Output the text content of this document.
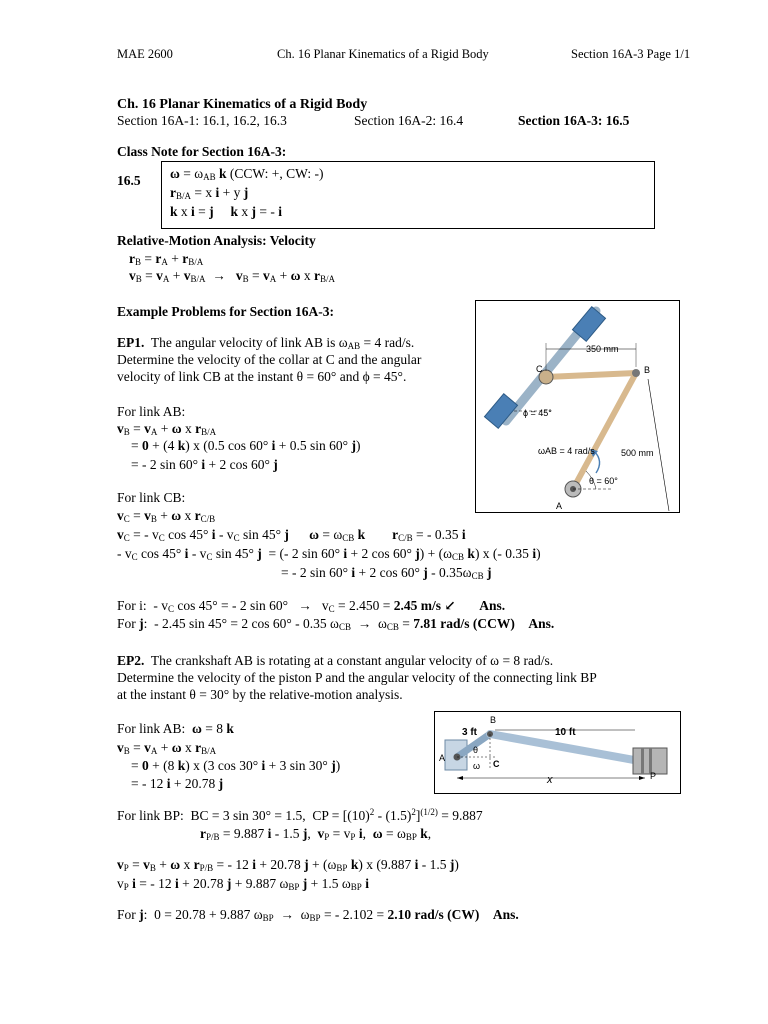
MAE 2600	Ch. 16 Planar Kinematics of a Rigid Body	Section 16A-3 Page 1/1
Ch. 16 Planar Kinematics of a Rigid Body
Section 16A-1: 16.1, 16.2, 16.3	Section 16A-2: 16.4	Section 16A-3: 16.5
Class Note for Section 16A-3:
16.5 $\omega = \omega_{AB}$ k (CCW: +, CW: -)
$r_{B/A} = x$ i + y j
k x i = j k x j = - i
Relative-Motion Analysis: Velocity
$r_B = r_A + r_{B/A}$
$v_B = v_A + v_{B/A} \to v_B = v_A + \omega$ x $r_{B/A}$
Example Problems for Section 16A-3:
EP1. The angular velocity of link AB is $\omega_{AB} = 4$ rad/s.
Determine the velocity of the collar at C and the angular
velocity of link CB at the instant θ = 60° and ϕ = 45°.
For link AB:
$v_B = v_A + \omega$ x $r_{B/A}$
= 0 + (4 k) x (0.5 cos 60° i + 0.5 sin 60° j)
= - 2 sin 60° i + 2 cos 60° j
For link CB:
$v_C = v_B + \omega$ x $r_{C/B}$
$v_C$ = - $v_C$ cos 45° i - $v_C$ sin 45° j $\omega = \omega_{CB}$ k $r_{C/B}$ = - 0.35 i
- $v_C$ cos 45° i - $v_C$ sin 45° j  = (- 2 sin 60° i + 2 cos 60° $j) + (\omega_{CB}$ k) x (- 0.35 i)
= - 2 sin 60° i + 2 cos 60° j - $0.35\omega_{CB}$ j
For i:  - $v_C$ cos 45° = - 2 $\sin 60^\circ \to v_C = 2.450 = 2.45$ m/s ↙ Ans.
For j:  - 2.45 sin 45° = 2 cos 60° - 0.35 $\omega_{CB} \to \omega_{CB} = 7.81$ rad/s (CCW) Ans.
350 mm
C	B
ϕ = 45°
ωAB = 4 rad/s	500 mm
θ = 60°
A
EP2. The crankshaft AB is rotating at a constant angular velocity of ω = 8 rad/s.
Determine the velocity of the piston P and the angular velocity of the connecting link BP
at the instant θ = 30° by the relative-motion analysis.
For link AB: ω = 8 k
$v_B = v_A + \omega$ x $r_{B/A}$
= 0 + (8 k) x (3 cos 30° i + 3 sin 30° j)
= - 12 i + 20.78 j
For link BP:  BC = 3 sin 30° = 1.5,  CP = $[(10)^2 - (1.5)^2]^{(1/2)} = 9.887$
$r_{P/B} = 9.887$ i - 1.5 j,  $v_P = v_P$ i,  $\omega = \omega_{BP}$ k,
$v_P = v_B + \omega$ x $r_{P/B}$ = - 12 i + 20.78 $j + (\omega_{BP}$ k) x (9.887 i - 1.5 j)
$v_P$ i = - 12 i + 20.78 j + 9.887 $\omega_{BP}$ j + 1.5 $\omega_{BP}$ i
For j:  0 = 20.78 + 9.887 $\omega_{BP} \to \omega_{BP}$ = - 2.102 = 2.10 rad/s (CW) Ans.
3 ft
B
10 ft
θ
A
ω C
x	P
